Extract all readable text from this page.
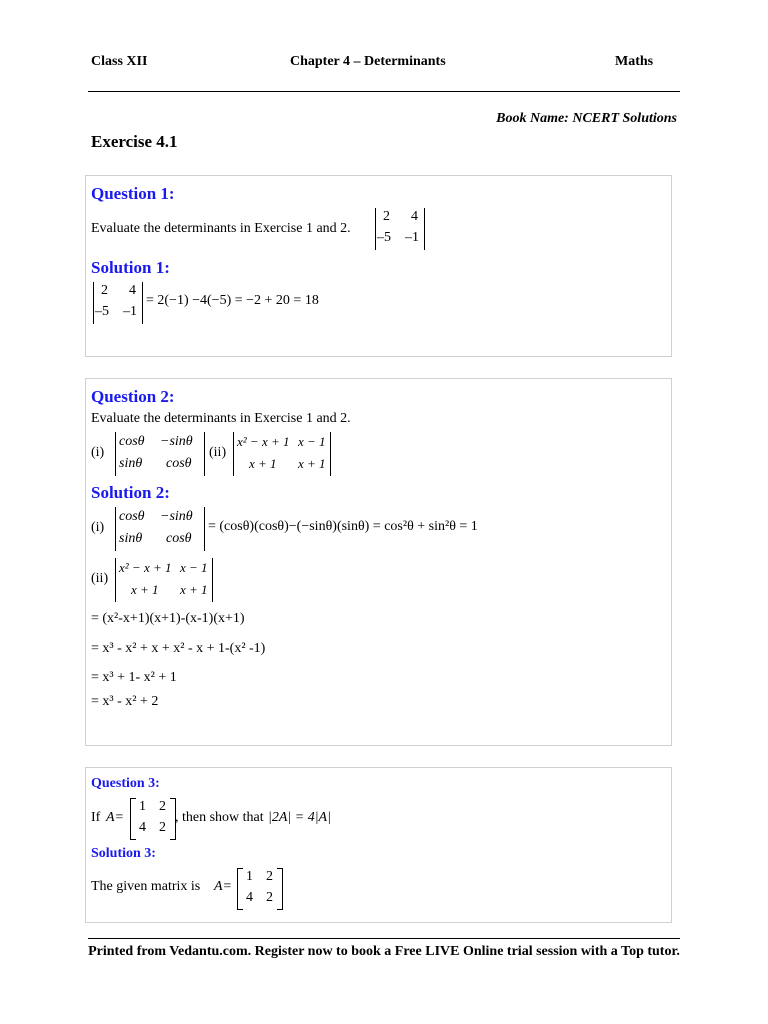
Class XII	Chapter 4 – Determinants	Maths
Book Name: NCERT Solutions
Exercise 4.1
Question 1:
Evaluate the determinants in Exercise 1 and 2.
2 4
–5 –1
Solution 1:
2 4
–5 –1
= 2(−1) −4(−5) = −2 + 20 = 18
Question 2:
Evaluate the determinants in Exercise 1 and 2.
(i)
cosθ −sinθ
sinθ cosθ
(ii)
x² − x + 1 x − 1
x + 1 x + 1
Solution 2:
(i)
cosθ −sinθ
sinθ cosθ
= (cosθ)(cosθ)−(−sinθ)(sinθ) = cos²θ + sin²θ = 1
(ii)
x² − x + 1 x − 1
x + 1 x + 1
= (x²-x+1)(x+1)-(x-1)(x+1)
= x³ - x² + x + x² - x + 1-(x² -1)
= x³ + 1- x² + 1
= x³ - x² + 2
Question 3:
If A=
1 2
4 2
, then show that |2A| = 4|A|
Solution 3:
The given matrix is A=
1 2
4 2
Printed from Vedantu.com. Register now to book a Free LIVE Online trial session with a Top tutor.
